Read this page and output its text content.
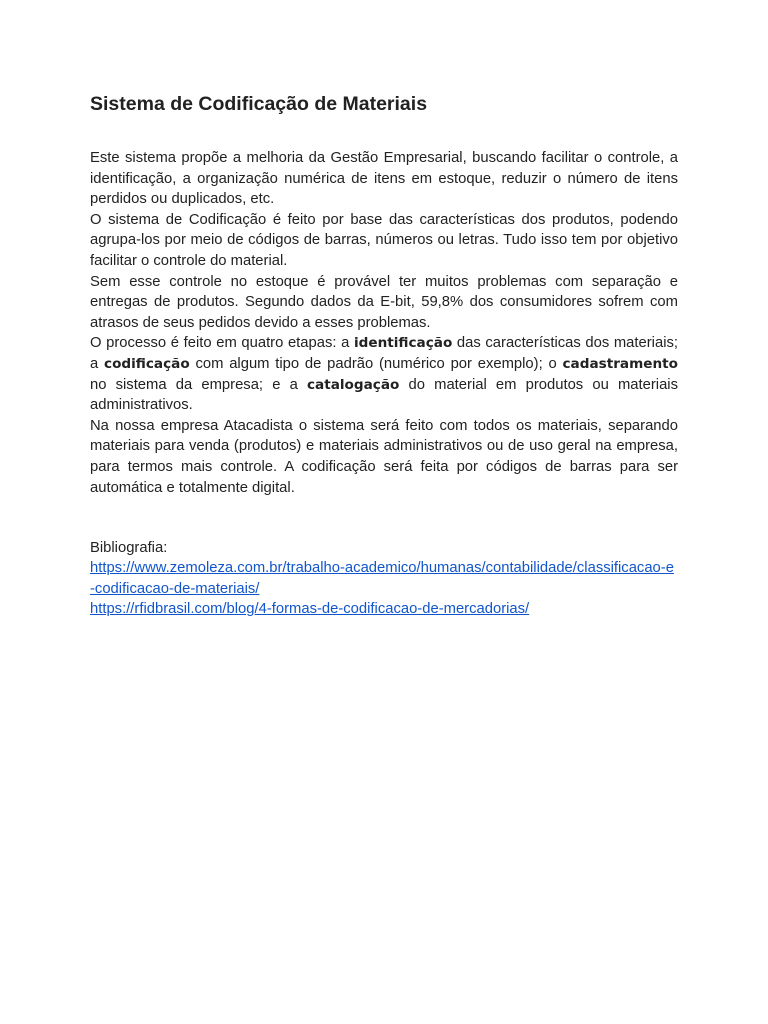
Sistema de Codificação de Materiais

Este sistema propõe a melhoria da Gestão Empresarial, buscando facilitar o controle, a identificação, a organização numérica de itens em estoque, reduzir o número de itens perdidos ou duplicados, etc.

O sistema de Codificação é feito por base das características dos produtos, podendo agrupa-los por meio de códigos de barras, números ou letras. Tudo isso tem por objetivo facilitar o controle do material.

Sem esse controle no estoque é provável ter muitos problemas com separação e entregas de produtos. Segundo dados da E-bit, 59,8% dos consumidores sofrem com atrasos de seus pedidos devido a esses problemas.

O processo é feito em quatro etapas: a identificação das características dos materiais; a codificação com algum tipo de padrão (numérico por exemplo); o cadastramento no sistema da empresa; e a catalogação do material em produtos ou materiais administrativos.

Na nossa empresa Atacadista o sistema será feito com todos os materiais, separando materiais para venda (produtos) e materiais administrativos ou de uso geral na empresa, para termos mais controle. A codificação será feita por códigos de barras para ser automática e totalmente digital.

Bibliografia:
https://www.zemoleza.com.br/trabalho-academico/humanas/contabilidade/classificacao-e-codificacao-de-materiais/
https://rfidbrasil.com/blog/4-formas-de-codificacao-de-mercadorias/
